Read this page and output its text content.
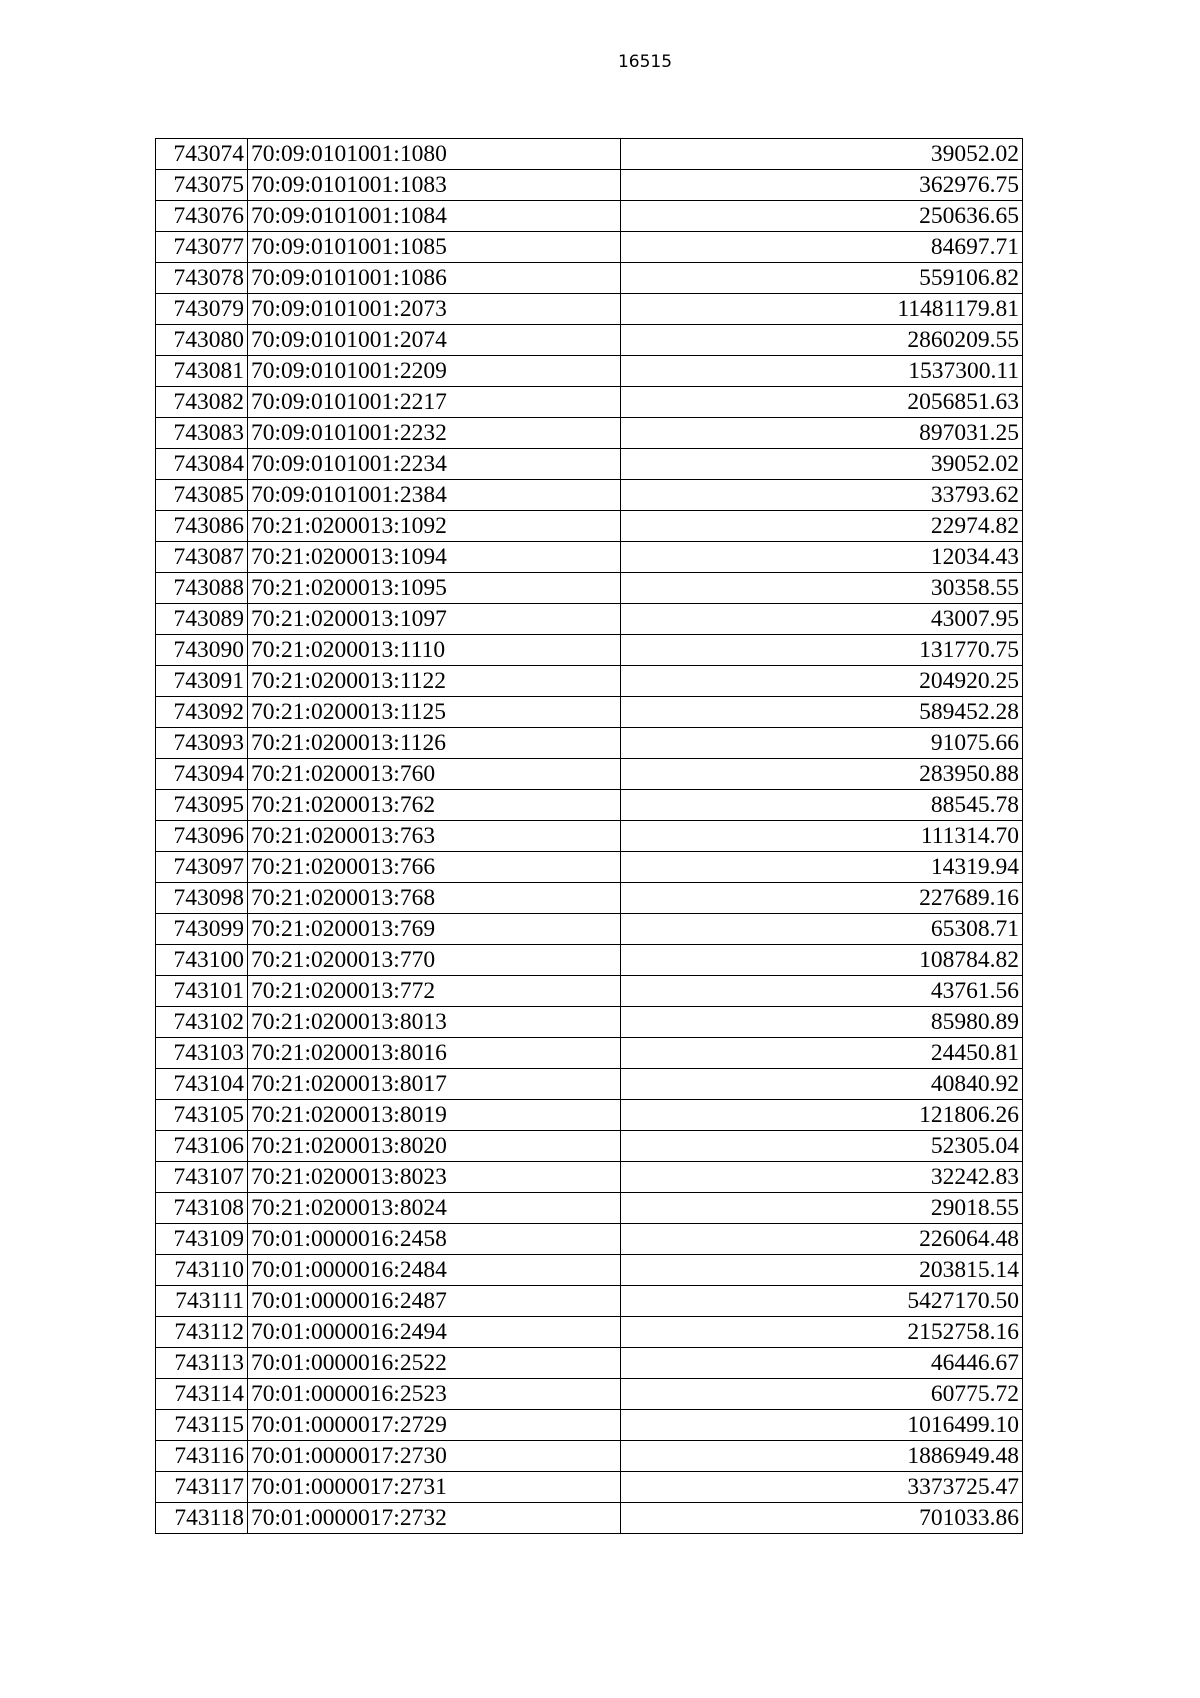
16515
743074	70:09:0101001:1080	39052.02
743075	70:09:0101001:1083	362976.75
743076	70:09:0101001:1084	250636.65
743077	70:09:0101001:1085	84697.71
743078	70:09:0101001:1086	559106.82
743079	70:09:0101001:2073	11481179.81
743080	70:09:0101001:2074	2860209.55
743081	70:09:0101001:2209	1537300.11
743082	70:09:0101001:2217	2056851.63
743083	70:09:0101001:2232	897031.25
743084	70:09:0101001:2234	39052.02
743085	70:09:0101001:2384	33793.62
743086	70:21:0200013:1092	22974.82
743087	70:21:0200013:1094	12034.43
743088	70:21:0200013:1095	30358.55
743089	70:21:0200013:1097	43007.95
743090	70:21:0200013:1110	131770.75
743091	70:21:0200013:1122	204920.25
743092	70:21:0200013:1125	589452.28
743093	70:21:0200013:1126	91075.66
743094	70:21:0200013:760	283950.88
743095	70:21:0200013:762	88545.78
743096	70:21:0200013:763	111314.70
743097	70:21:0200013:766	14319.94
743098	70:21:0200013:768	227689.16
743099	70:21:0200013:769	65308.71
743100	70:21:0200013:770	108784.82
743101	70:21:0200013:772	43761.56
743102	70:21:0200013:8013	85980.89
743103	70:21:0200013:8016	24450.81
743104	70:21:0200013:8017	40840.92
743105	70:21:0200013:8019	121806.26
743106	70:21:0200013:8020	52305.04
743107	70:21:0200013:8023	32242.83
743108	70:21:0200013:8024	29018.55
743109	70:01:0000016:2458	226064.48
743110	70:01:0000016:2484	203815.14
743111	70:01:0000016:2487	5427170.50
743112	70:01:0000016:2494	2152758.16
743113	70:01:0000016:2522	46446.67
743114	70:01:0000016:2523	60775.72
743115	70:01:0000017:2729	1016499.10
743116	70:01:0000017:2730	1886949.48
743117	70:01:0000017:2731	3373725.47
743118	70:01:0000017:2732	701033.86
